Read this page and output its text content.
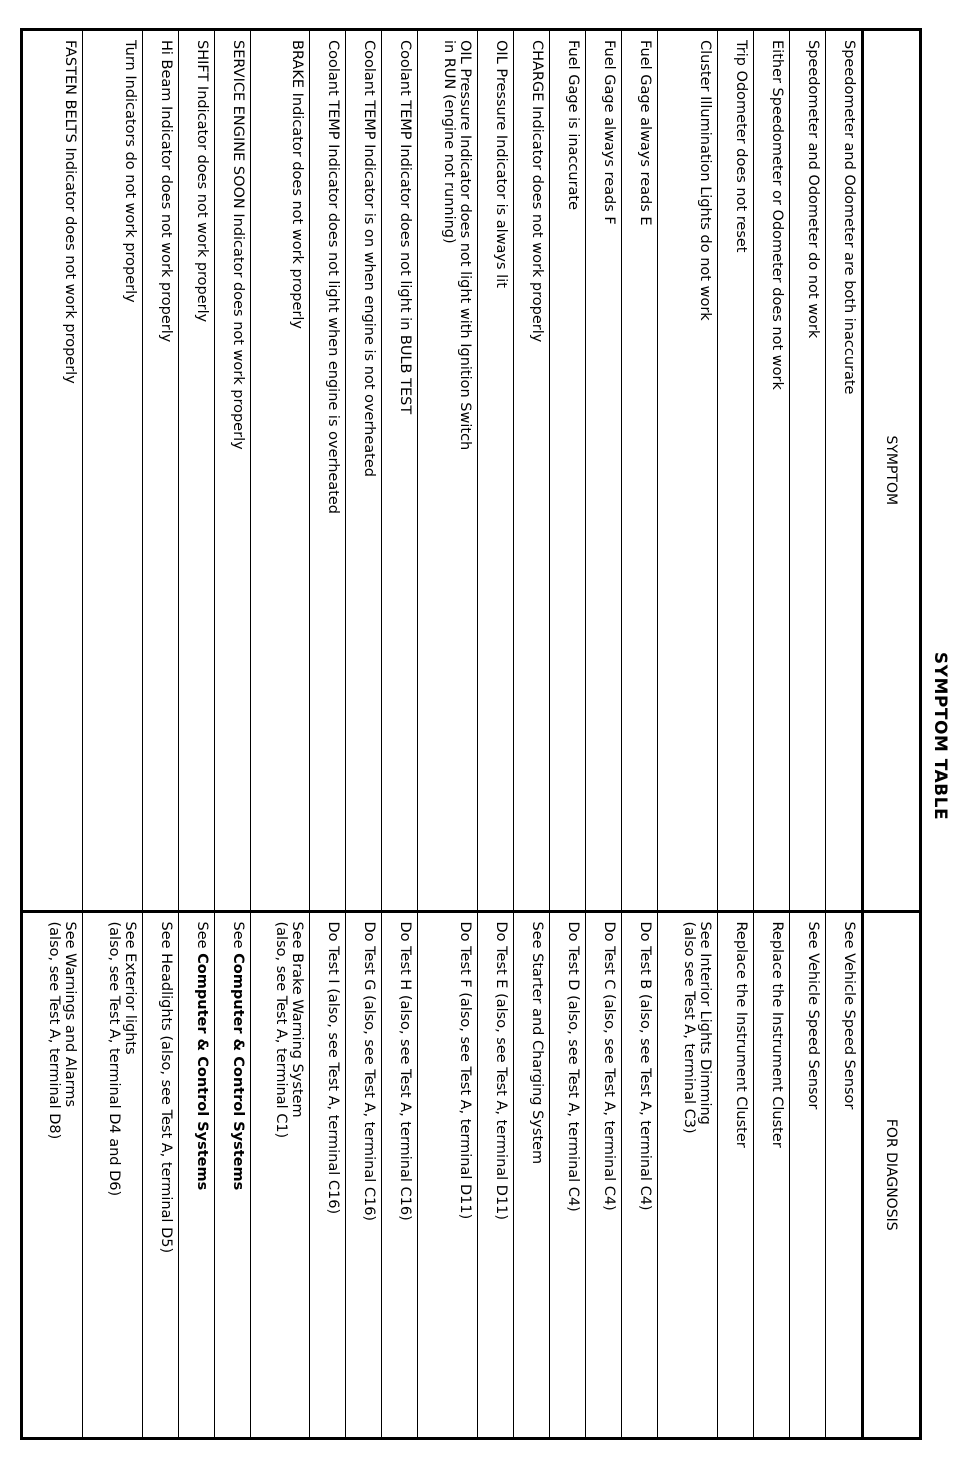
SYMPTOM TABLE
SYMPTOM	FOR DIAGNOSIS

Speedometer and Odometer are both inaccurate	See Vehicle Speed Sensor

Speedometer and Odometer do not work	See Vehicle Speed Sensor

Either Speedometer or Odometer does not work	Replace the Instrument Cluster

Trip Odometer does not reset	Replace the Instrument Cluster

Cluster Illumination Lights do not work	See Interior Lights Dimming
(also see Test A, terminal C3)

Fuel Gage always reads E	Do Test B (also, see Test A, terminal C4)

Fuel Gage always reads F	Do Test C (also, see Test A, terminal C4)

Fuel Gage is inaccurate	Do Test D (also, see Test A, terminal C4)

CHARGE Indicator does not work properly	See Starter and Charging System

OIL Pressure Indicator is always lit	Do Test E (also, see Test A, terminal D11)

OIL Pressure Indicator does not light with Ignition Switch
in RUN (engine not running)	Do Test F (also, see Test A, terminal D11)

Coolant TEMP Indicator does not light in BULB TEST	Do Test H (also, see Test A, terminal C16)

Coolant TEMP Indicator is on when engine is not overheated	Do Test G (also, see Test A, terminal C16)

Coolant TEMP Indicator does not light when engine is overheated	Do Test I (also, see Test A, terminal C16)

BRAKE Indicator does not work properly	See Brake Warning System
(also, see Test A, terminal C1)

SERVICE ENGINE SOON Indicator does not work properly	See Computer & Control Systems

SHIFT Indicator does not work properly	See Computer & Control Systems

Hi Beam Indicator does not work properly	See Headlights (also, see Test A, terminal D5)

Turn Indicators do not work properly	See Exterior lights
(also, see Test A, terminal D4 and D6)

FASTEN BELTS Indicator does not work properly	See Warnings and Alarms
(also, see Test A, terminal D8)
